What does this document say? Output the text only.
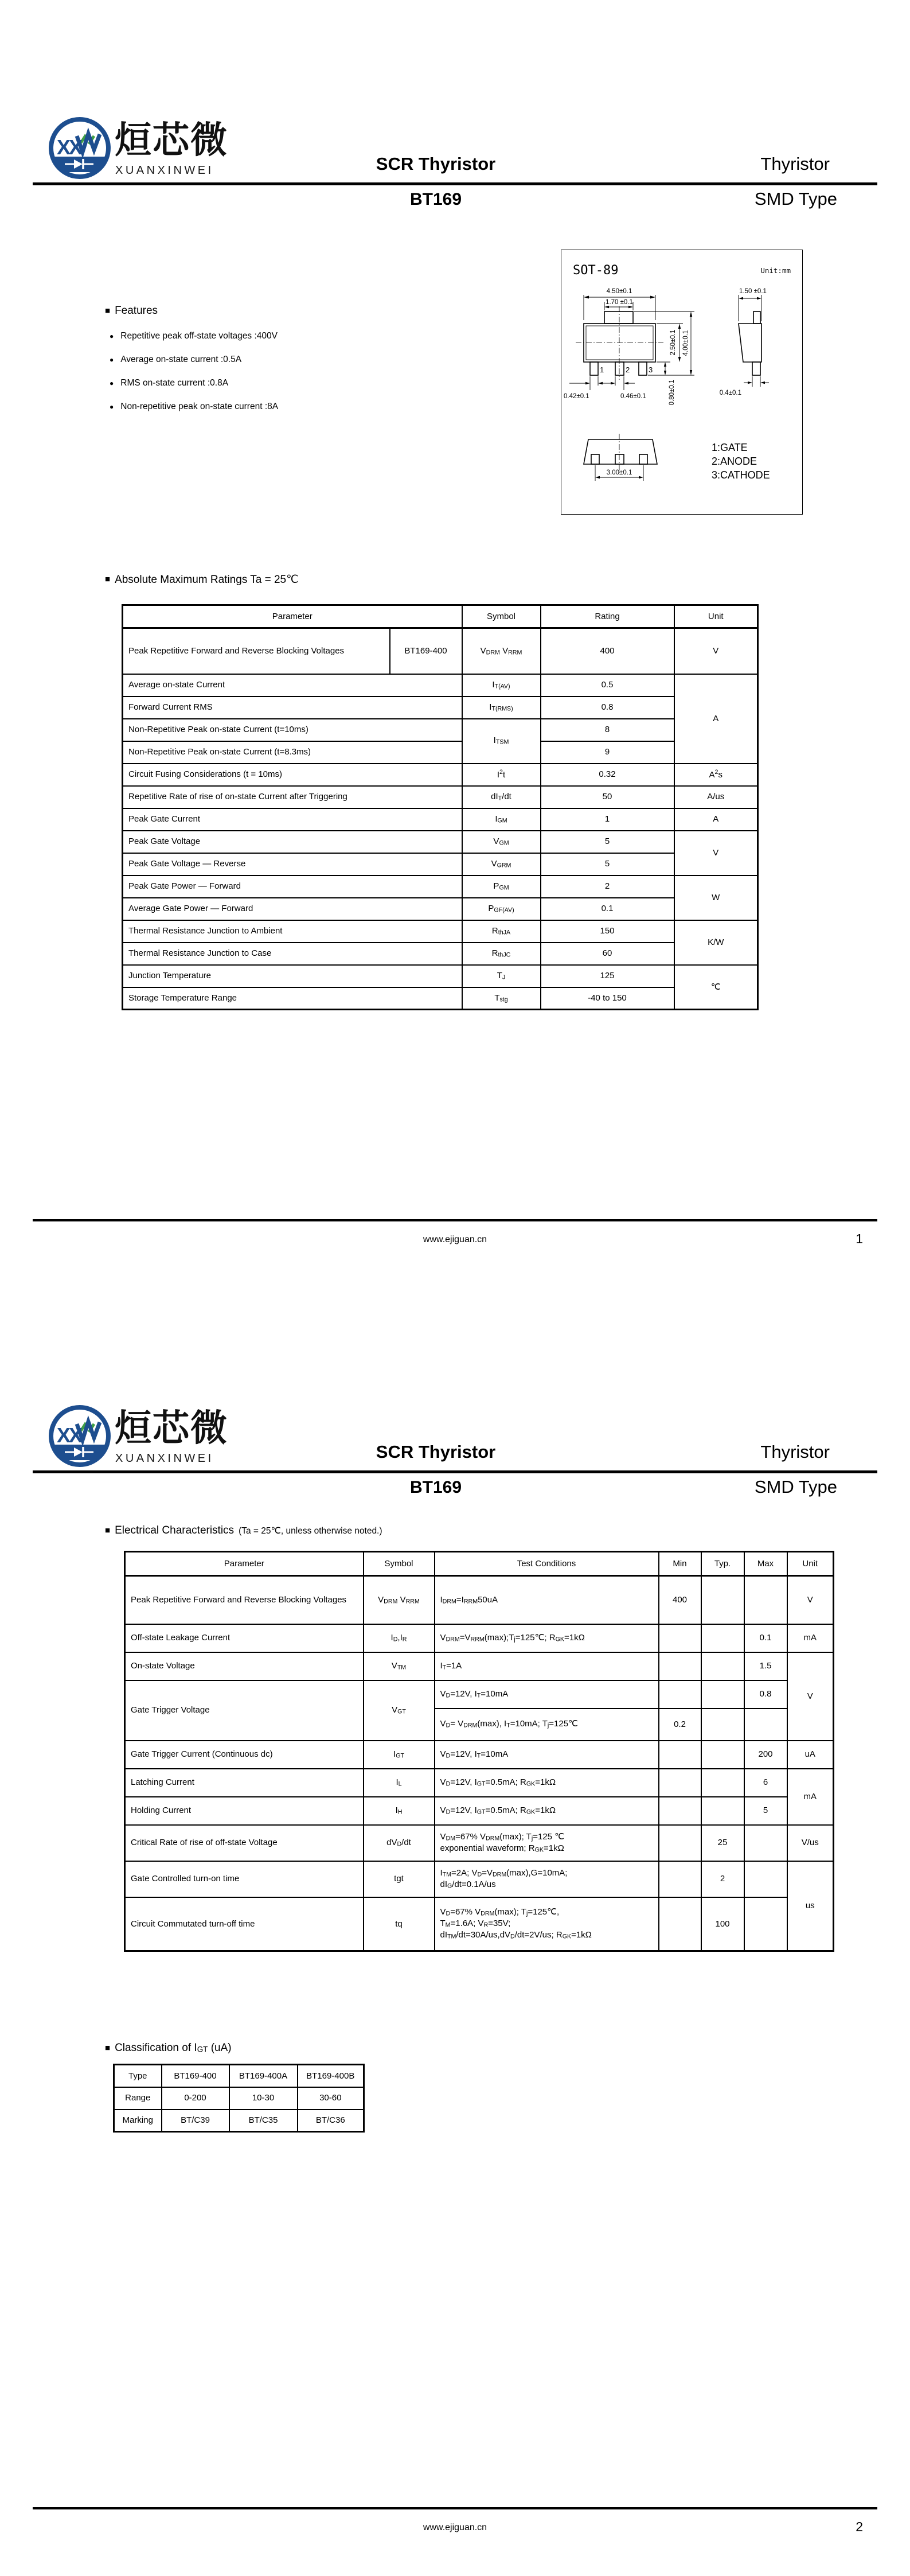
XX 烜芯微
XUANXINWEI	SCR Thyristor	Thyristor
BT169	SMD Type
■ Features
● Repetitive peak off-state voltages :400V
● Average on-state current :0.5A
● RMS on-state current :0.8A
● Non-repetitive peak on-state current :8A
SOT-89	Unit:mm
1	2	3
4.50±0.1
1.70 ±0.1
0.80±0.1
2.50±0.1 4.00±0.1
0.42±0.1	0.46±0.1
1.50 ±0.1
0.4±0.1
3.00±0.1
1:GATE
2:ANODE
3:CATHODE
■ Absolute Maximum Ratings Ta = 25℃
Parameter		Symbol	Rating	Unit
Peak Repetitive Forward and Reverse Blocking Voltages	BT169-400	$V_{DRM}$ $V_{RRM}$	400	V
Average on-state Current		$I_{T(AV)}$	0.5	A
Forward Current RMS		$I_{T(RMS)}$	0.8	
Non-Repetitive Peak on-state Current (t=10ms)		$I_{TSM}$	8	
Non-Repetitive Peak on-state Current (t=8.3ms)			9	
Circuit Fusing Considerations (t = 10ms)		$I^2t$	0.32	$A^2s$
Repetitive Rate of rise of on-state Current after Triggering		$dI_T/dt$	50	A/us
Peak Gate Current		$I_{GM}$	1	A
Peak Gate Voltage		$V_{GM}$	5	V
Peak Gate Voltage — Reverse		$V_{GRM}$	5	
Peak Gate Power — Forward		$P_{GM}$	2	W
Average Gate Power — Forward		$P_{GF(AV)}$	0.1	
Thermal Resistance Junction to Ambient		$R_{thJA}$	150	K/W
Thermal Resistance Junction to Case		$R_{thJC}$	60	
Junction Temperature		$T_J$	125	℃
Storage Temperature Range		$T_{stg}$	-40 to 150	
www.ejiguan.cn	1
XX 烜芯微
XUANXINWEI	SCR Thyristor	Thyristor
BT169	SMD Type
■ Electrical Characteristics (Ta = 25℃, unless otherwise noted.)
Parameter	Symbol	Test Conditions	Min	Typ.	Max	Unit
Peak Repetitive Forward and Reverse Blocking Voltages	$V_{DRM}$ $V_{RRM}$	$I_{DRM}=I_{RRM}50uA$	400			V
Off-state Leakage Current	$I_D,I_R$	$V_{DRM}=V_{RRM}(\max);T_j=125℃$; $R_{GK}=1k\Omega$			0.1	mA
On-state Voltage	$V_{TM}$	$I_T=1A$			1.5	V
Gate Trigger Voltage	$V_{GT}$	$V_D=12V$, $I_T=10mA$			0.8	
		$V_D= V_{DRM}(\max)$, $I_T=10mA$; $T_j=125℃$	0.2			
Gate Trigger Current (Continuous dc)	$I_{GT}$	$V_D=12V$, $I_T=10mA$			200	uA
Latching Current	$I_L$	$V_D=12V$, $I_{GT}=0.5mA$; $R_{GK}=1k\Omega$			6	mA
Holding Current	$I_H$	$V_D=12V$, $I_{GT}=0.5mA$; $R_{GK}=1k\Omega$			5	
Critical Rate of rise of off-state Voltage	$dV_D/dt$	$V_{DM}=67\%$ $V_{DRM}(\max)$; $T_j=125$ ℃
exponential waveform; $R_{GK}=1k\Omega$		25		V/us
Gate Controlled turn-on time	tgt	$I_{TM}=2A$; $V_D=V_{DRM}(\max),G=10mA$;
$dI_G/dt=0.1A/us$		2		us
Circuit Commutated turn-off time	tq	$V_D=67\%$ $V_{DRM}(\max)$; $T_j=125℃$,
$T_M=1.6A$; $V_R=35V$;
$dI_{TM}/dt=30A/us,dV_D/dt=2V/us$; $R_{GK}=1k\Omega$		100		
■ Classification of $I_{GT}$ (uA)
Type	BT169-400	BT169-400A	BT169-400B
Range	0-200	10-30	30-60
Marking	BT/C39	BT/C35	BT/C36
www.ejiguan.cn	2
